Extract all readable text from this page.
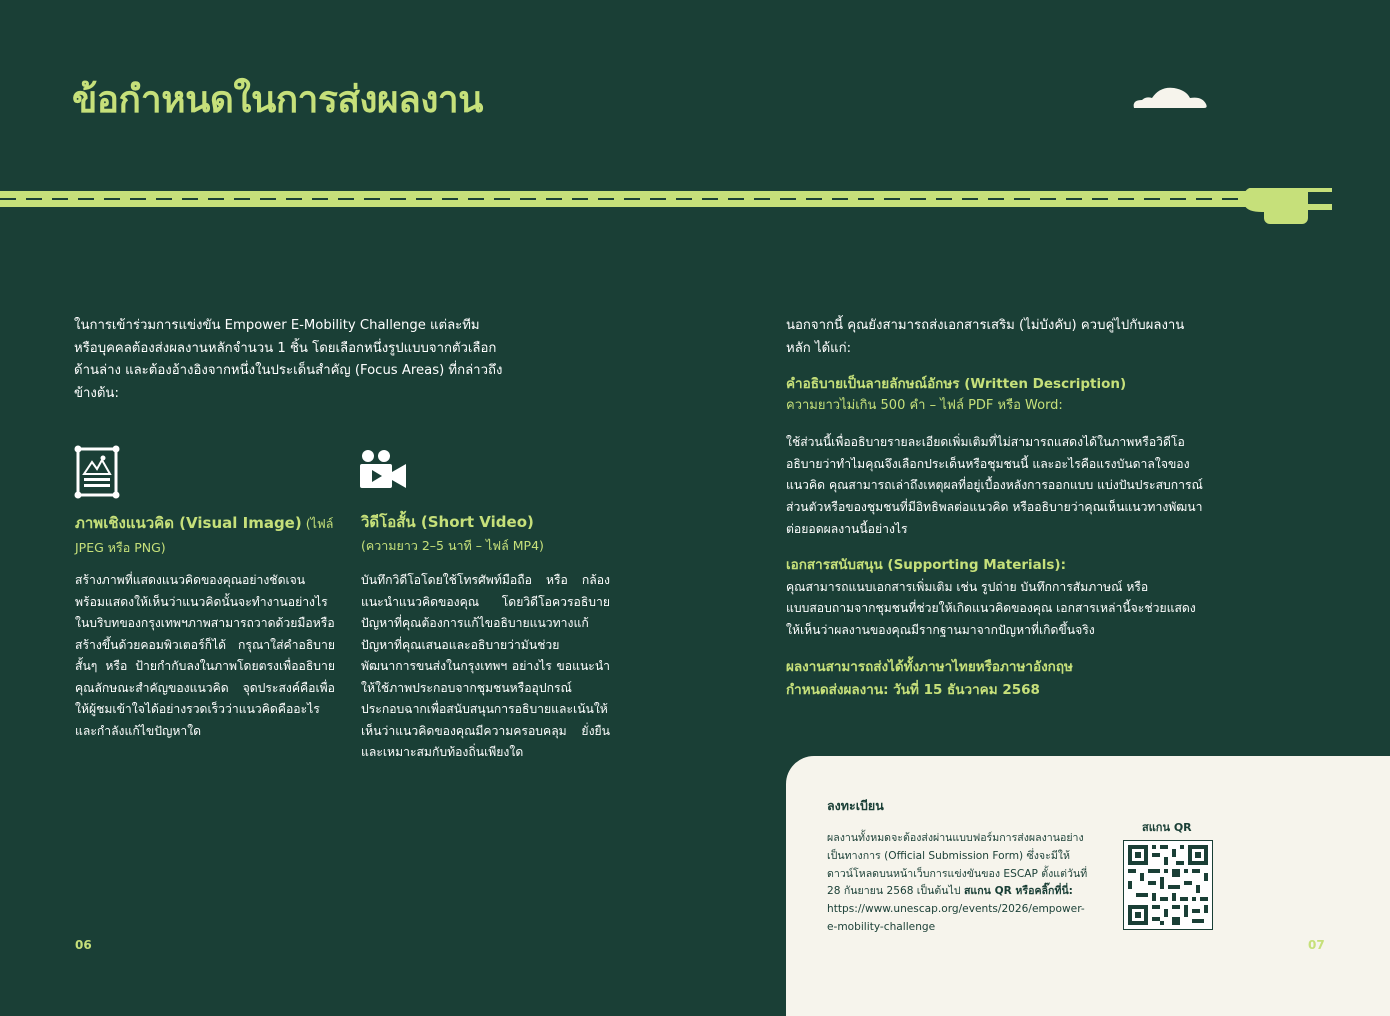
ข้อกำหนดในการส่งผลงาน
ในการเข้าร่วมการแข่งขัน Empower E-Mobility Challenge แต่ละทีม หรือบุคคลต้องส่งผลงานหลักจำนวน 1 ชิ้น โดยเลือกหนึ่งรูปแบบจากตัวเลือกด้านล่าง และต้องอ้างอิงจากหนึ่งในประเด็นสำคัญ (Focus Areas) ที่กล่าวถึงข้างต้น:
ภาพเชิงแนวคิด (Visual Image) (ไฟล์ JPEG หรือ PNG)
สร้างภาพที่แสดงแนวคิดของคุณอย่างชัดเจน พร้อมแสดงให้เห็นว่าแนวคิดนั้นจะทำงานอย่างไรในบริบทของกรุงเทพฯภาพสามารถวาดด้วยมือหรือสร้างขึ้นด้วยคอมพิวเตอร์ก็ได้ กรุณาใส่คำอธิบายสั้นๆ หรือ ป้ายกำกับลงในภาพโดยตรงเพื่ออธิบายคุณลักษณะสำคัญของแนวคิด จุดประสงค์คือเพื่อให้ผู้ชมเข้าใจได้อย่างรวดเร็วว่าแนวคิดคืออะไร และกำลังแก้ไขปัญหาใด
วิดีโอสั้น (Short Video)
(ความยาว 2–5 นาที – ไฟล์ MP4)
บันทึกวิดีโอโดยใช้โทรศัพท์มือถือ หรือ กล้อง แนะนำแนวคิดของคุณ โดยวิดีโอควรอธิบายปัญหาที่คุณต้องการแก้ไขอธิบายแนวทางแก้ปัญหาที่คุณเสนอและอธิบายว่ามันช่วยพัฒนาการขนส่งในกรุงเทพฯ อย่างไร ขอแนะนำให้ใช้ภาพประกอบจากชุมชนหรืออุปกรณ์ประกอบฉากเพื่อสนับสนุนการอธิบายและเน้นให้เห็นว่าแนวคิดของคุณมีความครอบคลุม ยั่งยืนและเหมาะสมกับท้องถิ่นเพียงใด
นอกจากนี้ คุณยังสามารถส่งเอกสารเสริม (ไม่บังคับ) ควบคู่ไปกับผลงานหลัก ได้แก่:
คำอธิบายเป็นลายลักษณ์อักษร (Written Description)
ความยาวไม่เกิน 500 คำ – ไฟล์ PDF หรือ Word:
ใช้ส่วนนี้เพื่ออธิบายรายละเอียดเพิ่มเติมที่ไม่สามารถแสดงได้ในภาพหรือวิดีโอ อธิบายว่าทำไมคุณจึงเลือกประเด็นหรือชุมชนนี้ และอะไรคือแรงบันดาลใจของแนวคิด คุณสามารถเล่าถึงเหตุผลที่อยู่เบื้องหลังการออกแบบ แบ่งปันประสบการณ์ส่วนตัวหรือของชุมชนที่มีอิทธิพลต่อแนวคิด หรืออธิบายว่าคุณเห็นแนวทางพัฒนาต่อยอดผลงานนี้อย่างไร
เอกสารสนับสนุน (Supporting Materials):
คุณสามารถแนบเอกสารเพิ่มเติม เช่น รูปถ่าย บันทึกการสัมภาษณ์ หรือแบบสอบถามจากชุมชนที่ช่วยให้เกิดแนวคิดของคุณ เอกสารเหล่านี้จะช่วยแสดงให้เห็นว่าผลงานของคุณมีรากฐานมาจากปัญหาที่เกิดขึ้นจริง
ผลงานสามารถส่งได้ทั้งภาษาไทยหรือภาษาอังกฤษ
กำหนดส่งผลงาน: วันที่ 15 ธันวาคม 2568
ลงทะเบียน
ผลงานทั้งหมดจะต้องส่งผ่านแบบฟอร์มการส่งผลงานอย่างเป็นทางการ (Official Submission Form) ซึ่งจะมีให้ดาวน์โหลดบนหน้าเว็บการแข่งขันของ ESCAP ตั้งแต่วันที่ 28 กันยายน 2568 เป็นต้นไป สแกน QR หรือคลิ๊กที่นี่: https://www.unescap.org/events/2026/empower-e-mobility-challenge
สแกน QR
06	07
